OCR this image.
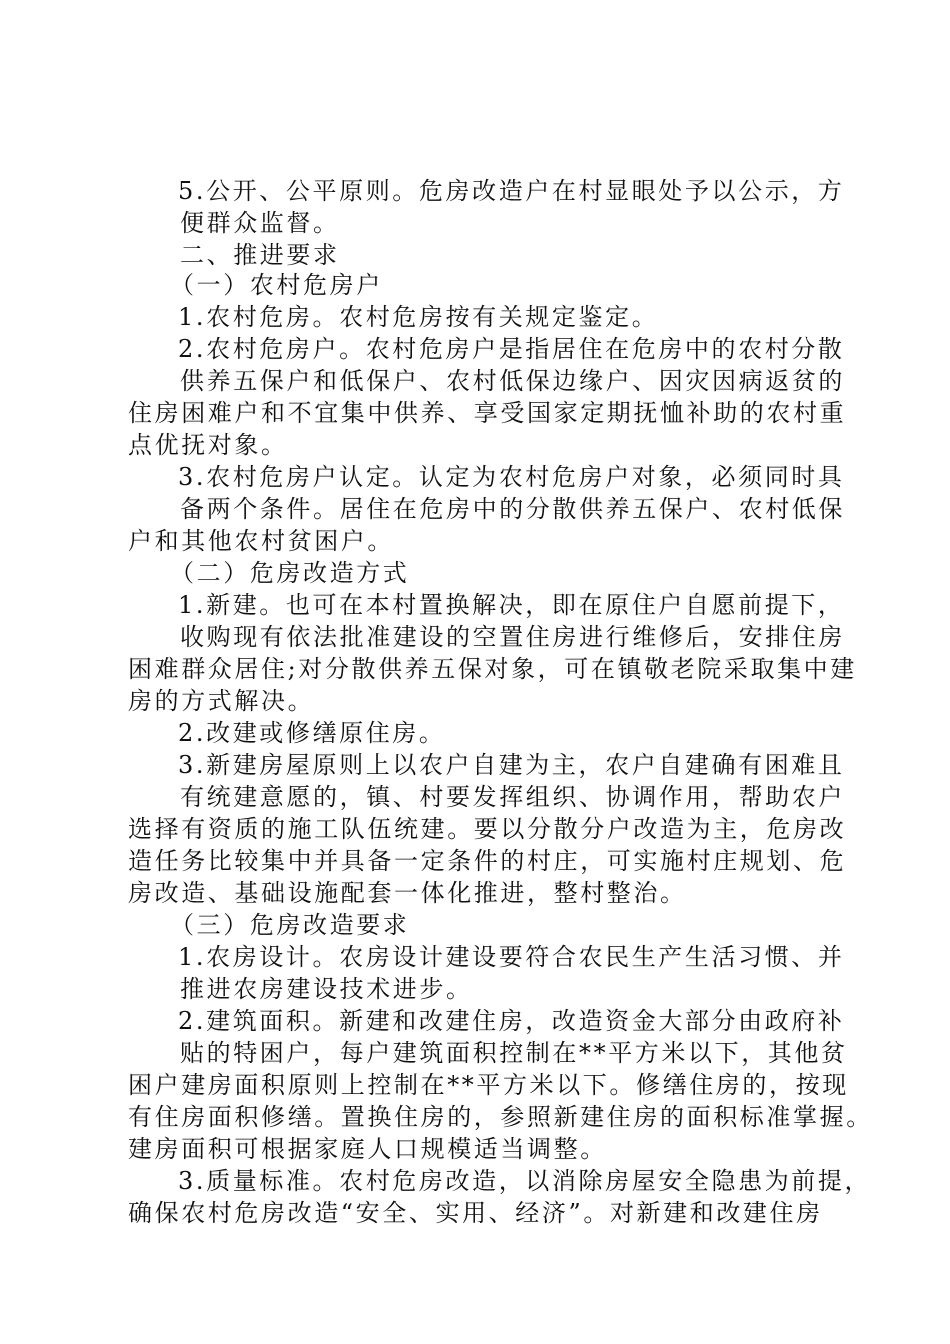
5.公开、公平原则。危房改造户在村显眼处予以公示，方
便群众监督。
二、推进要求
（一）农村危房户
1.农村危房。农村危房按有关规定鉴定。
2.农村危房户。农村危房户是指居住在危房中的农村分散
供养五保户和低保户、农村低保边缘户、因灾因病返贫的
住房困难户和不宜集中供养、享受国家定期抚恤补助的农村重
点优抚对象。
3.农村危房户认定。认定为农村危房户对象，必须同时具
备两个条件。居住在危房中的分散供养五保户、农村低保
户和其他农村贫困户。
（二）危房改造方式
1.新建。也可在本村置换解决，即在原住户自愿前提下，
收购现有依法批准建设的空置住房进行维修后，安排住房
困难群众居住;对分散供养五保对象，可在镇敬老院采取集中建
房的方式解决。
2.改建或修缮原住房。
3.新建房屋原则上以农户自建为主，农户自建确有困难且
有统建意愿的，镇、村要发挥组织、协调作用，帮助农户
选择有资质的施工队伍统建。要以分散分户改造为主，危房改
造任务比较集中并具备一定条件的村庄，可实施村庄规划、危
房改造、基础设施配套一体化推进，整村整治。
（三）危房改造要求
1.农房设计。农房设计建设要符合农民生产生活习惯、并
推进农房建设技术进步。
2.建筑面积。新建和改建住房，改造资金大部分由政府补
贴的特困户，每户建筑面积控制在**平方米以下，其他贫
困户建房面积原则上控制在**平方米以下。修缮住房的，按现
有住房面积修缮。置换住房的，参照新建住房的面积标准掌握。
建房面积可根据家庭人口规模适当调整。
3.质量标准。农村危房改造，以消除房屋安全隐患为前提，
确保农村危房改造“安全、实用、经济”。对新建和改建住房
